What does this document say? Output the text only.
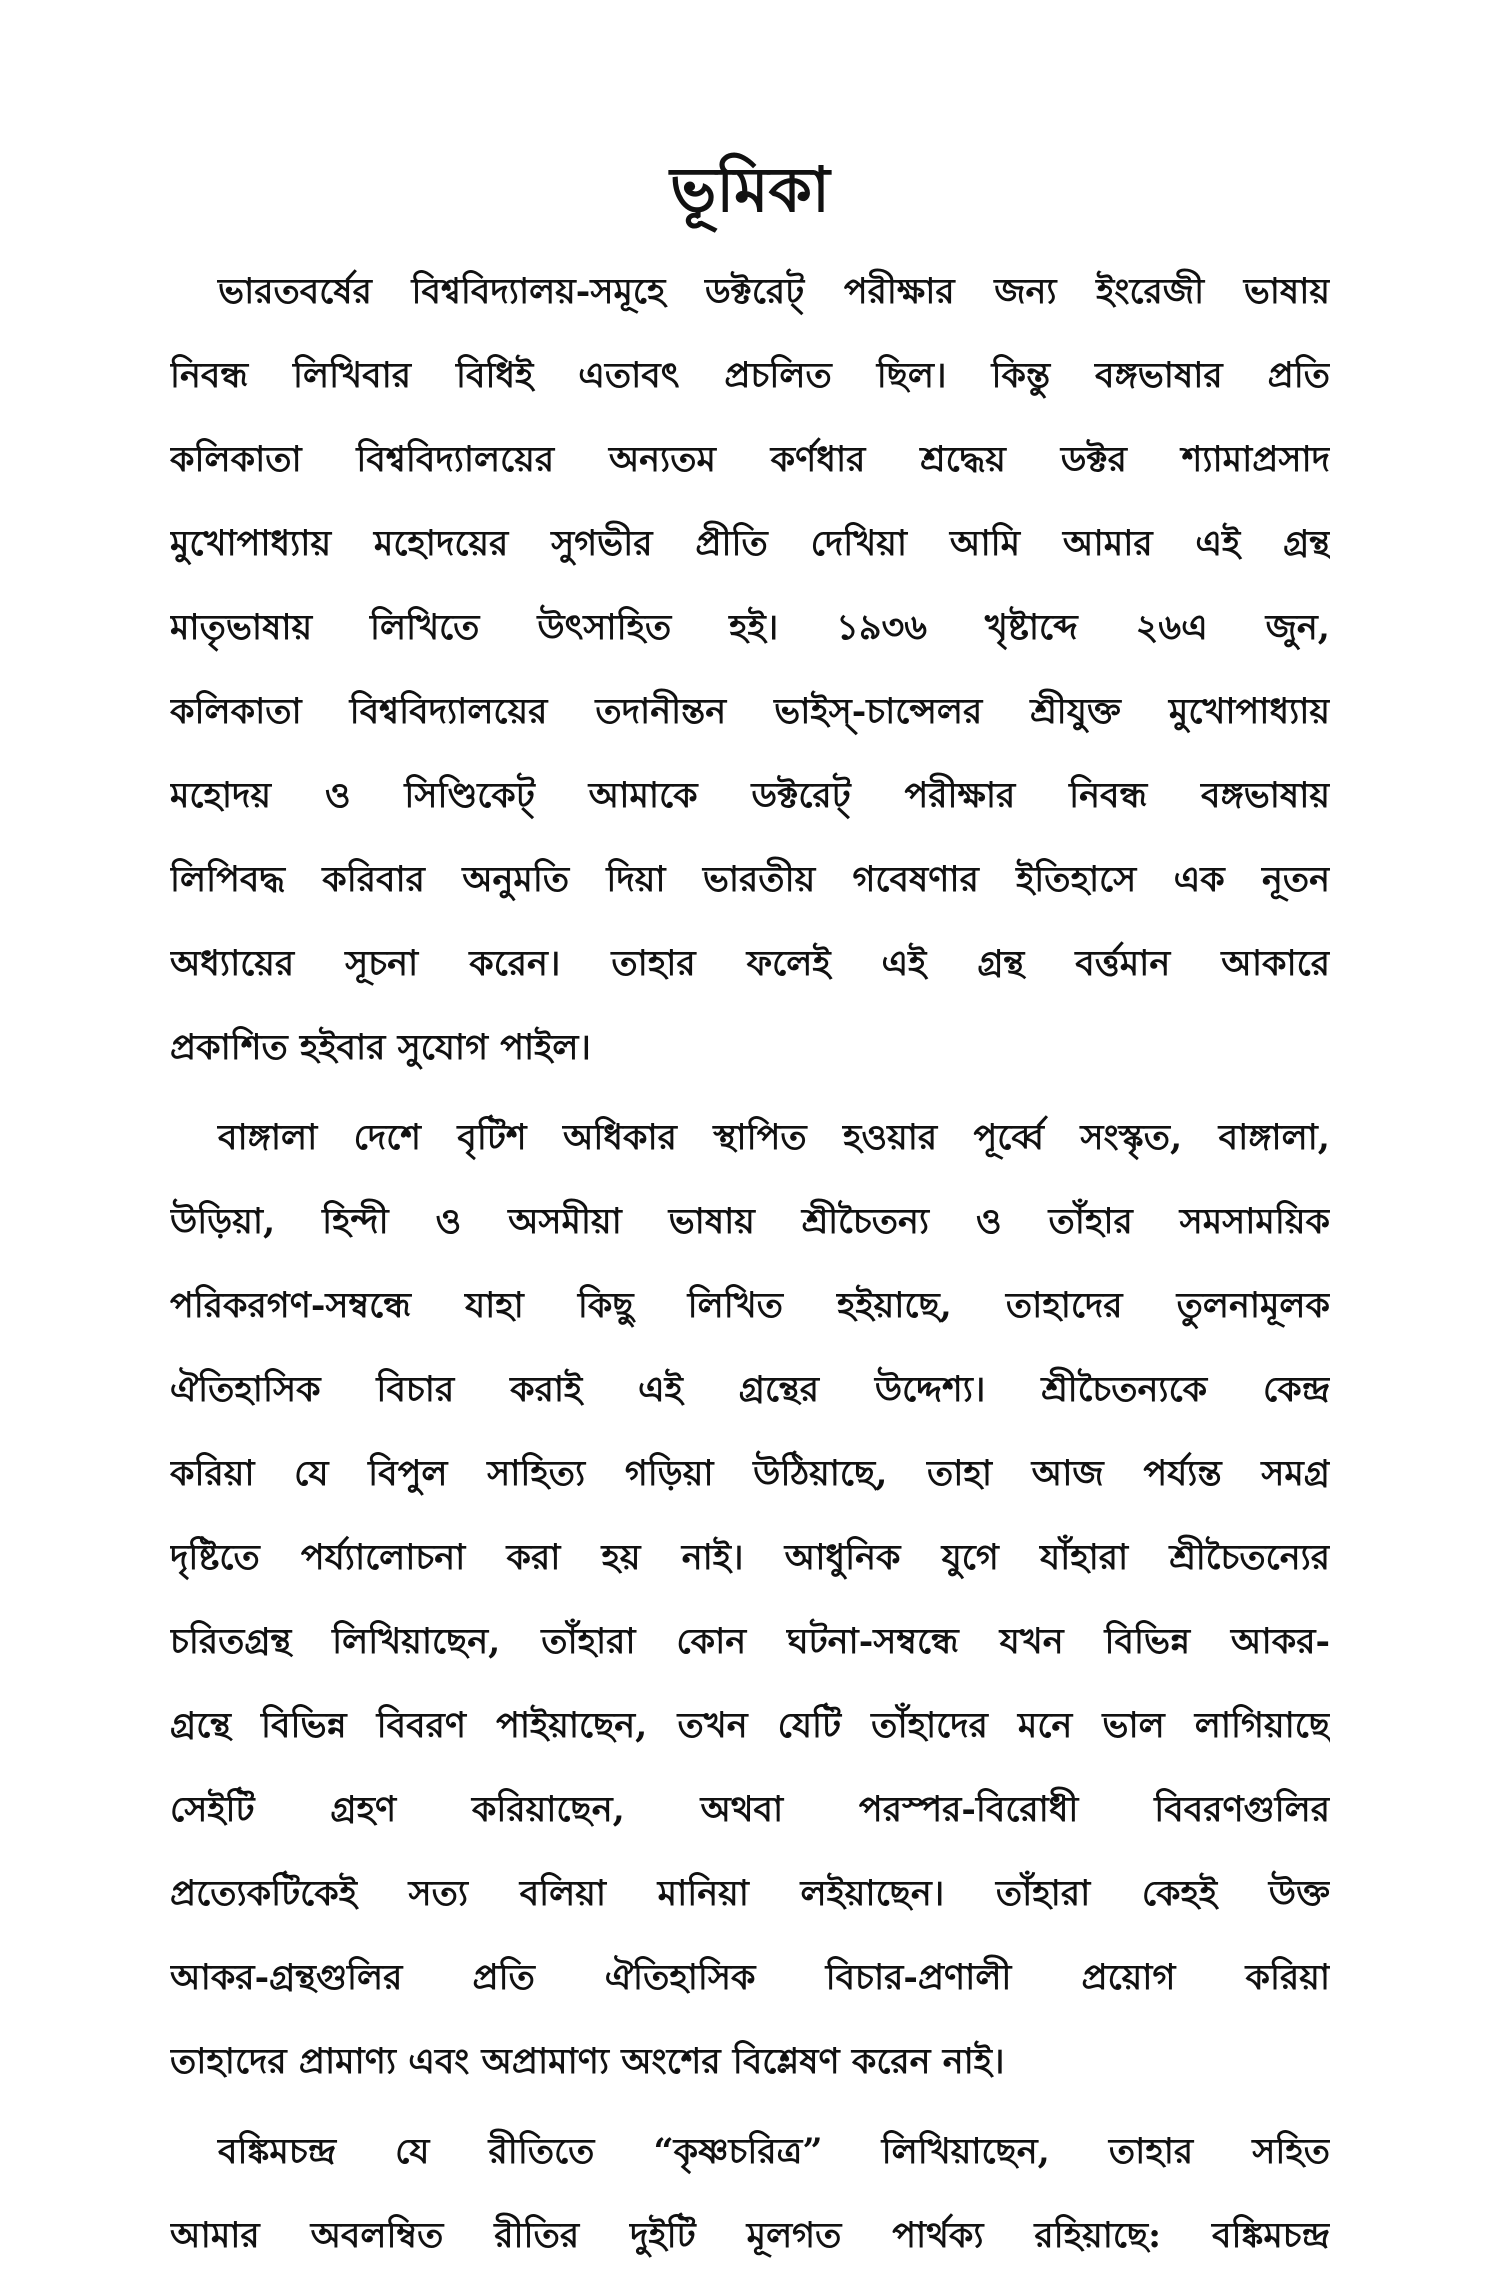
ভূমিকা
ভারতবর্ষের বিশ্ববিদ্যালয়-সমূহে ডক্টরেট্ পরীক্ষার জন্য ইংরেজী ভাষায়
নিবন্ধ লিখিবার বিধিই এতাবৎ প্রচলিত ছিল। কিন্তু বঙ্গভাষার প্রতি
কলিকাতা বিশ্ববিদ্যালয়ের অন্যতম কর্ণধার শ্রদ্ধেয় ডক্টর শ্যামাপ্রসাদ
মুখোপাধ্যায় মহোদয়ের সুগভীর প্রীতি দেখিয়া আমি আমার এই গ্রন্থ
মাতৃভাষায় লিখিতে উৎসাহিত হই। ১৯৩৬ খৃষ্টাব্দে ২৬এ জুন,
কলিকাতা বিশ্ববিদ্যালয়ের তদানীন্তন ভাইস্-চান্সেলর শ্রীযুক্ত মুখোপাধ্যায়
মহোদয় ও সিণ্ডিকেট্ আমাকে ডক্টরেট্ পরীক্ষার নিবন্ধ বঙ্গভাষায়
লিপিবদ্ধ করিবার অনুমতি দিয়া ভারতীয় গবেষণার ইতিহাসে এক নূতন
অধ্যায়ের সূচনা করেন। তাহার ফলেই এই গ্রন্থ বর্ত্তমান আকারে
প্রকাশিত হইবার সুযোগ পাইল।
বাঙ্গালা দেশে বৃটিশ অধিকার স্থাপিত হওয়ার পূর্ব্বে সংস্কৃত, বাঙ্গালা,
উড়িয়া, হিন্দী ও অসমীয়া ভাষায় শ্রীচৈতন্য ও তাঁহার সমসাময়িক
পরিকরগণ-সম্বন্ধে যাহা কিছু লিখিত হইয়াছে, তাহাদের তুলনামূলক
ঐতিহাসিক বিচার করাই এই গ্রন্থের উদ্দেশ্য। শ্রীচৈতন্যকে কেন্দ্র
করিয়া যে বিপুল সাহিত্য গড়িয়া উঠিয়াছে, তাহা আজ পর্য্যন্ত সমগ্র
দৃষ্টিতে পর্য্যালোচনা করা হয় নাই। আধুনিক যুগে যাঁহারা শ্রীচৈতন্যের
চরিতগ্রন্থ লিখিয়াছেন, তাঁহারা কোন ঘটনা-সম্বন্ধে যখন বিভিন্ন আকর-
গ্রন্থে বিভিন্ন বিবরণ পাইয়াছেন, তখন যেটি তাঁহাদের মনে ভাল লাগিয়াছে
সেইটি গ্রহণ করিয়াছেন, অথবা পরস্পর-বিরোধী বিবরণগুলির
প্রত্যেকটিকেই সত্য বলিয়া মানিয়া লইয়াছেন। তাঁহারা কেহই উক্ত
আকর-গ্রন্থগুলির প্রতি ঐতিহাসিক বিচার-প্রণালী প্রয়োগ করিয়া
তাহাদের প্রামাণ্য এবং অপ্রামাণ্য অংশের বিশ্লেষণ করেন নাই।
বঙ্কিমচন্দ্র যে রীতিতে “কৃষ্ণচরিত্র” লিখিয়াছেন, তাহার সহিত
আমার অবলম্বিত রীতির দুইটি মূলগত পার্থক্য রহিয়াছে: বঙ্কিমচন্দ্র
